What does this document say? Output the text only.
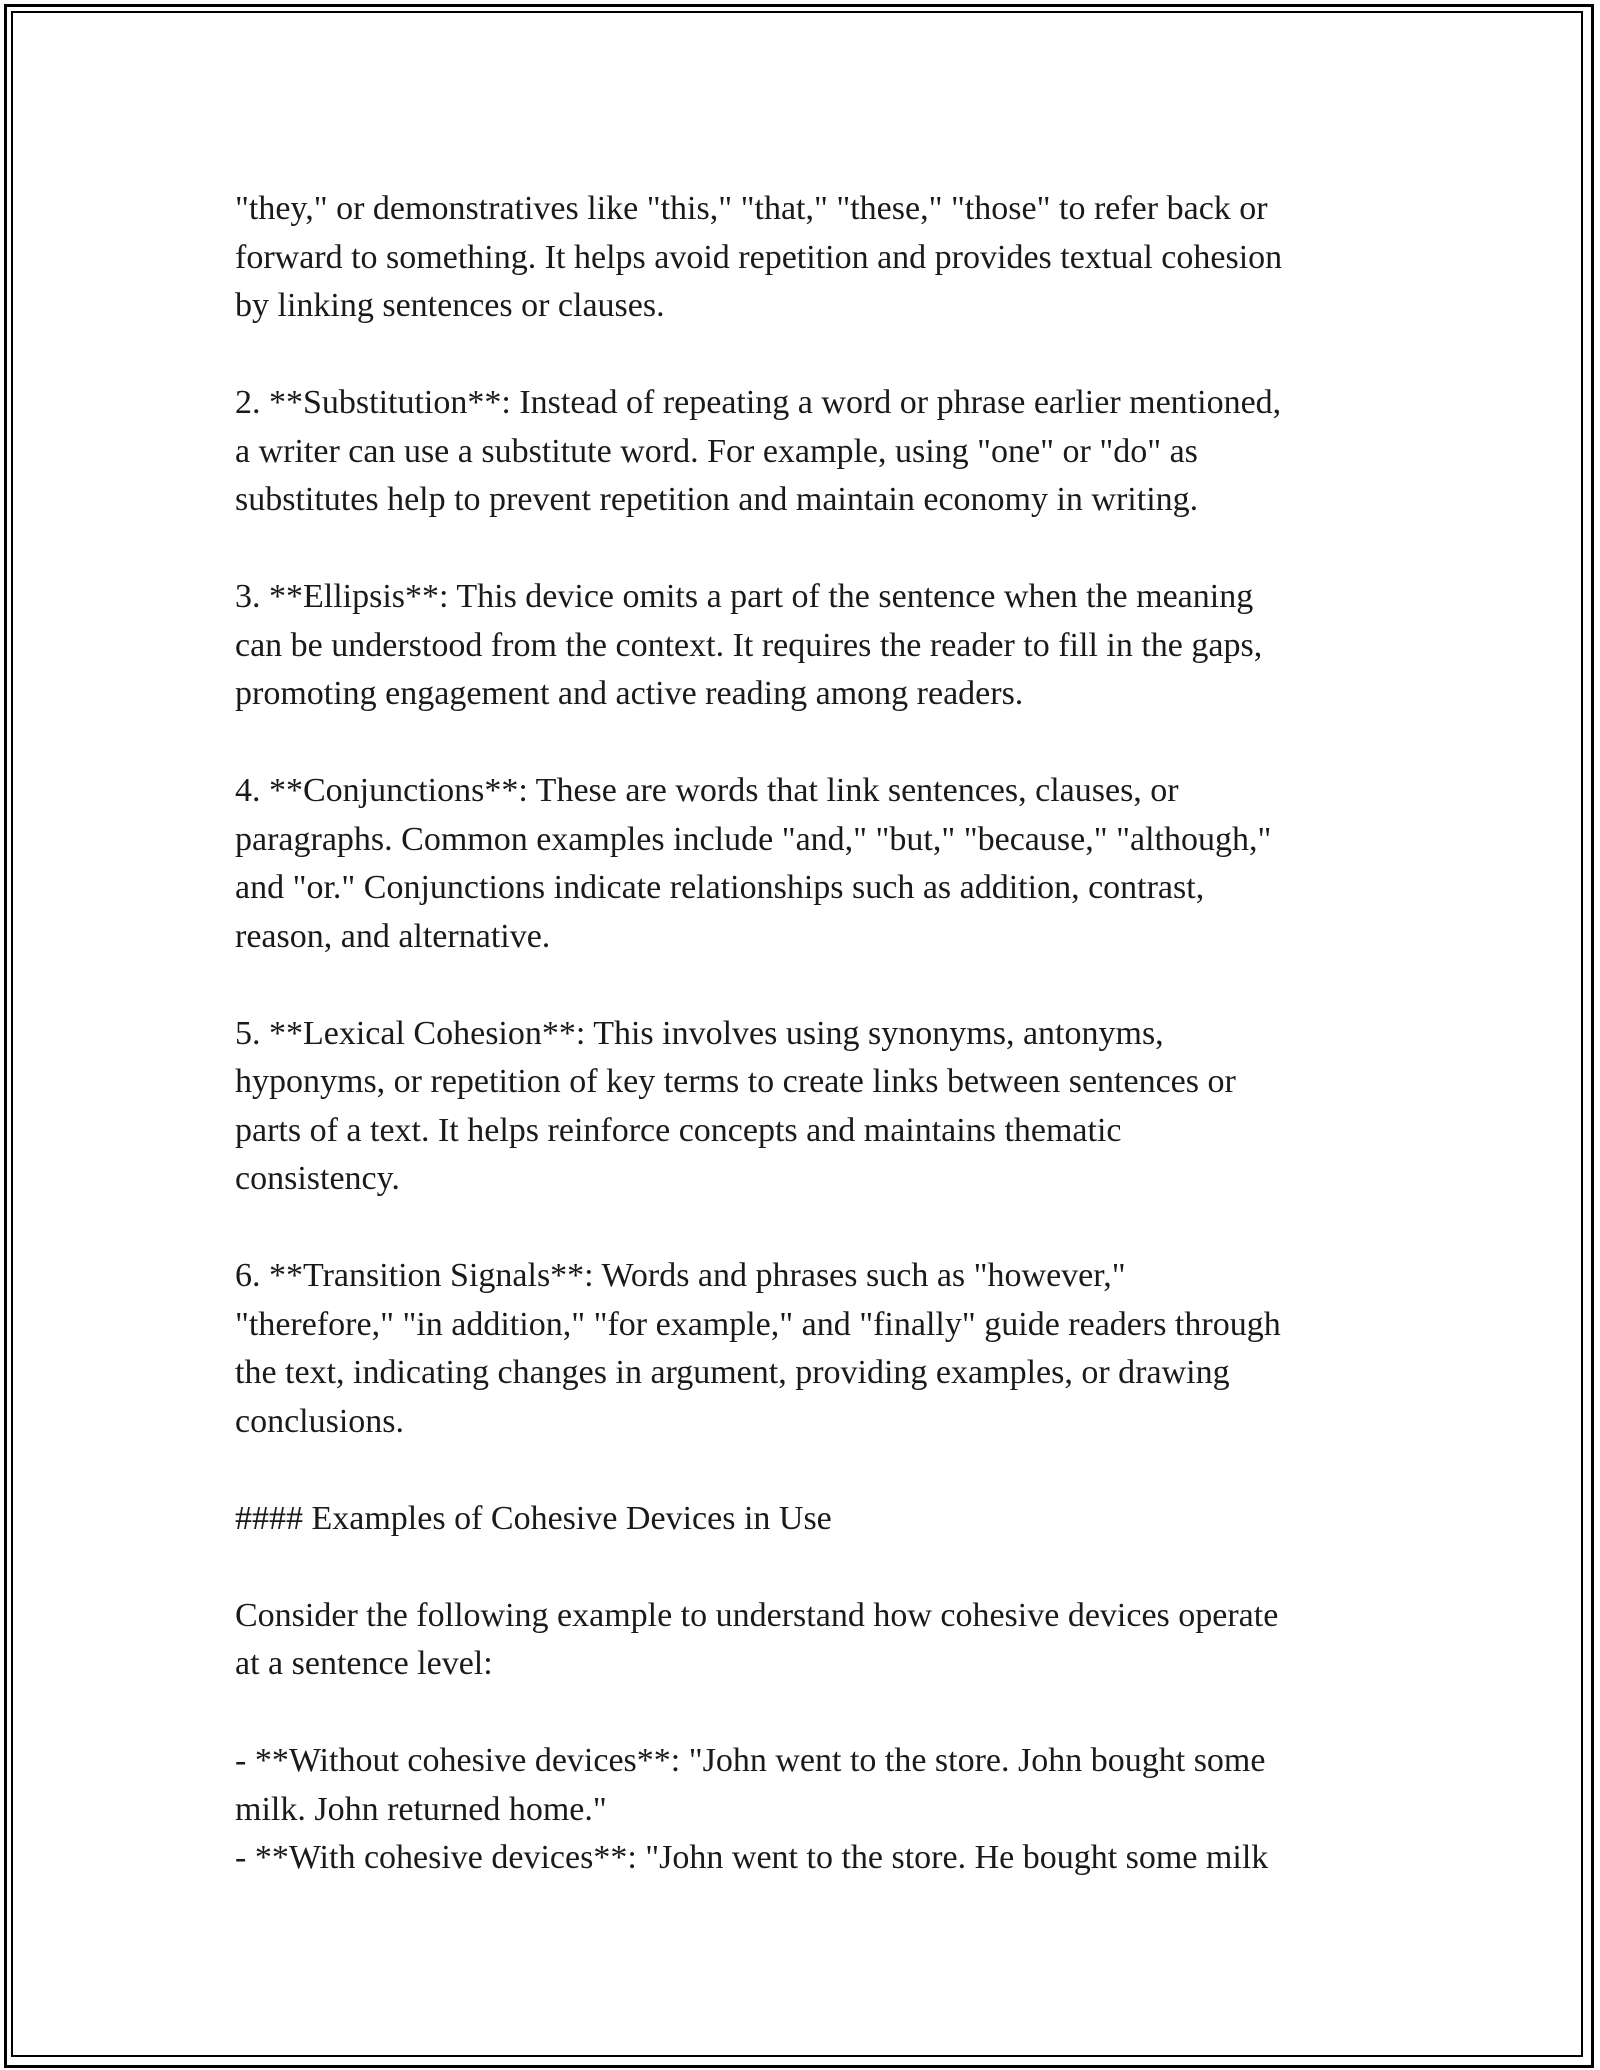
"they," or demonstratives like "this," "that," "these," "those" to refer back or
forward to something. It helps avoid repetition and provides textual cohesion
by linking sentences or clauses.

2. **Substitution**: Instead of repeating a word or phrase earlier mentioned,
a writer can use a substitute word. For example, using "one" or "do" as
substitutes help to prevent repetition and maintain economy in writing.

3. **Ellipsis**: This device omits a part of the sentence when the meaning
can be understood from the context. It requires the reader to fill in the gaps,
promoting engagement and active reading among readers.

4. **Conjunctions**: These are words that link sentences, clauses, or
paragraphs. Common examples include "and," "but," "because," "although,"
and "or." Conjunctions indicate relationships such as addition, contrast,
reason, and alternative.

5. **Lexical Cohesion**: This involves using synonyms, antonyms,
hyponyms, or repetition of key terms to create links between sentences or
parts of a text. It helps reinforce concepts and maintains thematic
consistency.

6. **Transition Signals**: Words and phrases such as "however,"
"therefore," "in addition," "for example," and "finally" guide readers through
the text, indicating changes in argument, providing examples, or drawing
conclusions.

#### Examples of Cohesive Devices in Use

Consider the following example to understand how cohesive devices operate
at a sentence level:

- **Without cohesive devices**: "John went to the store. John bought some
milk. John returned home."
- **With cohesive devices**: "John went to the store. He bought some milk
